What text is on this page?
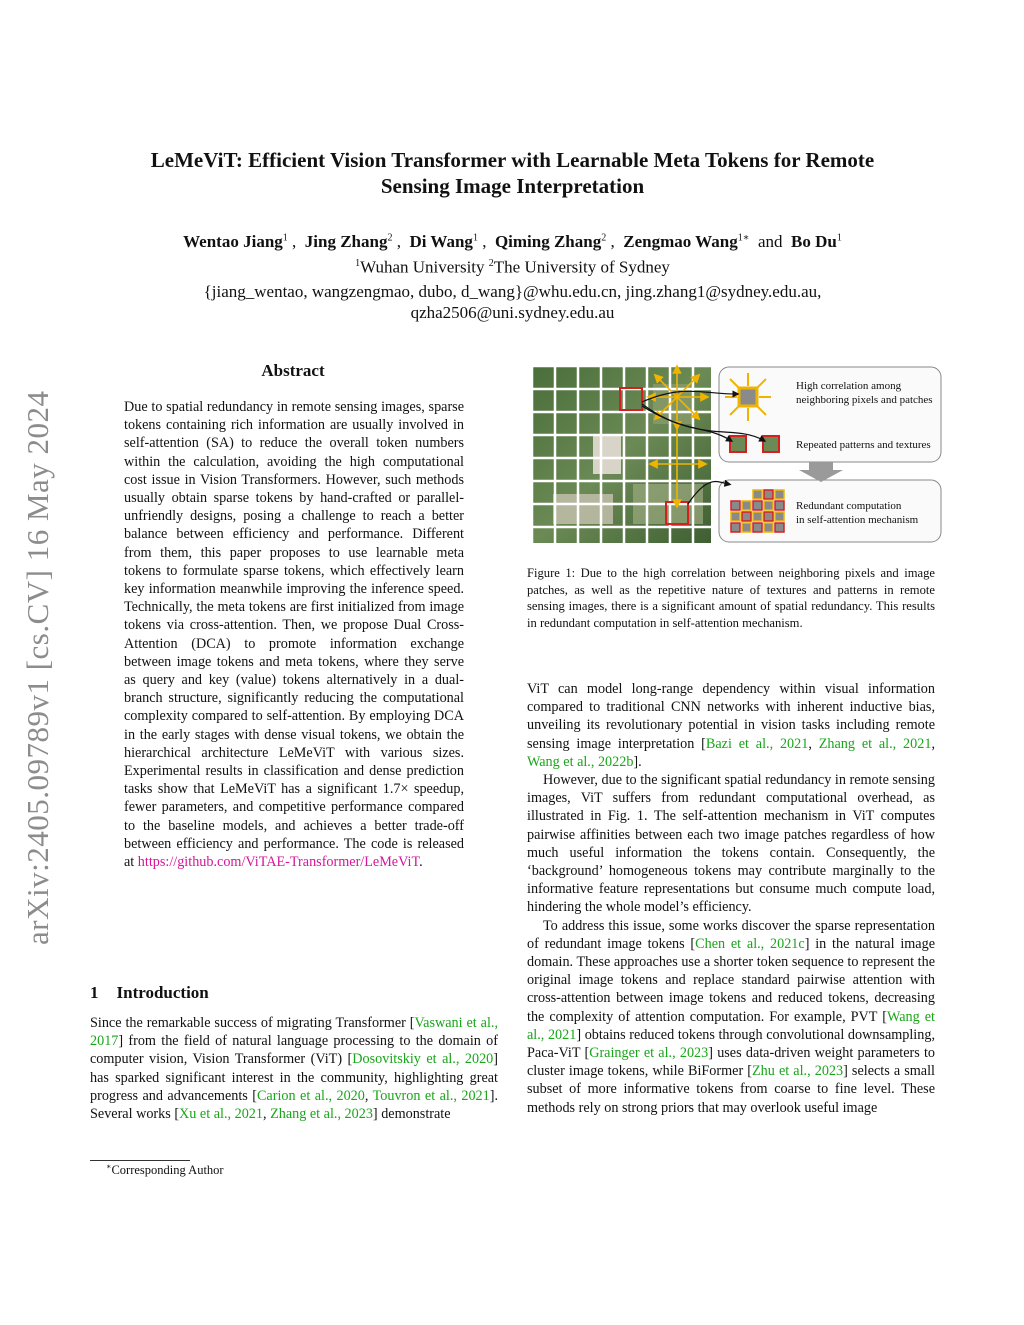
arXiv:2405.09789v1 [cs.CV] 16 May 2024
LeMeViT: Efficient Vision Transformer with Learnable Meta Tokens for Remote
Sensing Image Interpretation
Wentao Jiang$^1$ ,  Jing Zhang$^2$ ,  Di Wang$^1$ ,  Qiming Zhang$^2$ ,  Zengmao Wang$^{1∗}$  and  Bo Du$^1$
$^1$Wuhan University $^2$The University of Sydney
{jiang_wentao, wangzengmao, dubo, d_wang}@whu.edu.cn, jing.zhang1@sydney.edu.au,
qzha2506@uni.sydney.edu.au
Abstract
Due to spatial redundancy in remote sensing images, sparse tokens containing rich information are usually involved in self-attention (SA) to reduce the overall token numbers within the calculation, avoiding the high computational cost issue in Vision Transformers. However, such methods usually obtain sparse tokens by hand-crafted or parallel-unfriendly designs, posing a challenge to reach a better balance between efficiency and performance. Different from them, this paper proposes to use learnable meta tokens to formulate sparse tokens, which effectively learn key information meanwhile improving the inference speed. Technically, the meta tokens are first initialized from image tokens via cross-attention. Then, we propose Dual Cross-Attention (DCA) to promote information exchange between image tokens and meta tokens, where they serve as query and key (value) tokens alternatively in a dual-branch structure, significantly reducing the computational complexity compared to self-attention. By employing DCA in the early stages with dense visual tokens, we obtain the hierarchical architecture LeMeViT with various sizes. Experimental results in classification and dense prediction tasks show that LeMeViT has a significant 1.7× speedup, fewer parameters, and competitive performance compared to the baseline models, and achieves a better trade-off between efficiency and performance. The code is released at https://github.com/ViTAE-Transformer/LeMeViT.
1 Introduction
Since the remarkable success of migrating Transformer [Vaswani et al., 2017] from the field of natural language processing to the domain of computer vision, Vision Transformer (ViT) [Dosovitskiy et al., 2020] has sparked significant interest in the community, highlighting great progress and advancements [Carion et al., 2020, Touvron et al., 2021]. Several works [Xu et al., 2021, Zhang et al., 2023] demonstrate
∗Corresponding Author
High correlation among
neighboring pixels and patches
Repeated patterns and textures
Redundant computation
in self-attention mechanism
Figure 1: Due to the high correlation between neighboring pixels and image patches, as well as the repetitive nature of textures and patterns in remote sensing images, there is a significant amount of spatial redundancy. This results in redundant computation in self-attention mechanism.

ViT can model long-range dependency within visual information compared to traditional CNN networks with inherent inductive bias, unveiling its revolutionary potential in vision tasks including remote sensing image interpretation [Bazi et al., 2021, Zhang et al., 2021, Wang et al., 2022b].

However, due to the significant spatial redundancy in remote sensing images, ViT suffers from redundant computational overhead, as illustrated in Fig. 1. The self-attention mechanism in ViT computes pairwise affinities between each two image patches regardless of how much useful information the tokens contain. Consequently, the ‘background’ homogeneous tokens may contribute marginally to the informative feature representations but consume much compute load, hindering the whole model’s efficiency.

To address this issue, some works discover the sparse representation of redundant image tokens [Chen et al., 2021c] in the natural image domain. These approaches use a shorter token sequence to represent the original image tokens and replace standard pairwise attention with cross-attention between image tokens and reduced tokens, decreasing the complexity of attention computation. For example, PVT [Wang et al., 2021] obtains reduced tokens through convolutional downsampling, Paca-ViT [Grainger et al., 2023] uses data-driven weight parameters to cluster image tokens, while BiFormer [Zhu et al., 2023] selects a small subset of more informative tokens from coarse to fine level. These methods rely on strong priors that may overlook useful image
